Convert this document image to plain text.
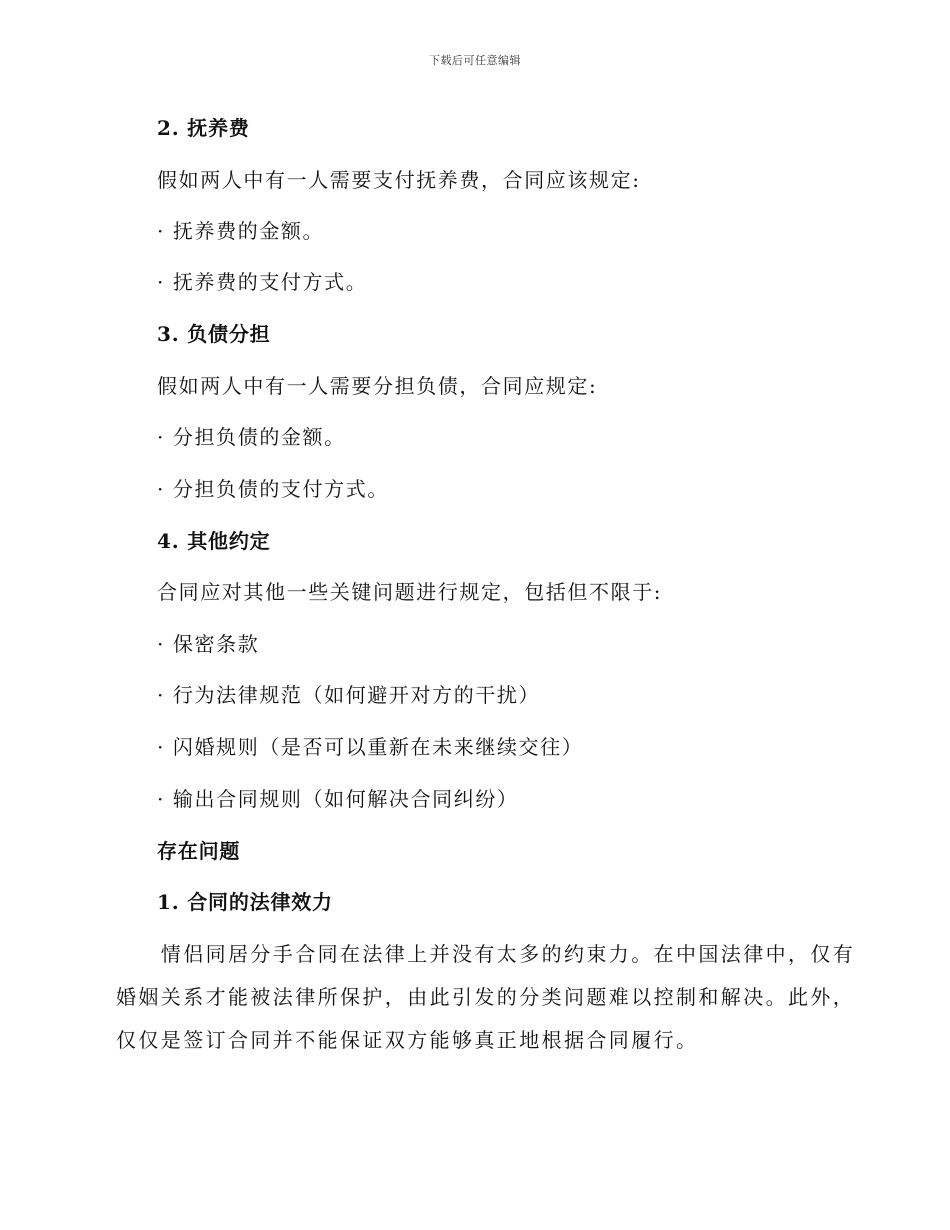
下载后可任意编辑
2. 抚养费
假如两人中有一人需要支付抚养费，合同应该规定:
· 抚养费的金额。
· 抚养费的支付方式。
3. 负债分担
假如两人中有一人需要分担负债，合同应规定:
· 分担负债的金额。
· 分担负债的支付方式。
4. 其他约定
合同应对其他一些关键问题进行规定，包括但不限于:
· 保密条款
· 行为法律规范（如何避开对方的干扰）
· 闪婚规则（是否可以重新在未来继续交往）
· 输出合同规则（如何解决合同纠纷）
存在问题
1. 合同的法律效力
　　情侣同居分手合同在法律上并没有太多的约束力。在中国法律中，仅有
婚姻关系才能被法律所保护，由此引发的分类问题难以控制和解决。此外，
仅仅是签订合同并不能保证双方能够真正地根据合同履行。
